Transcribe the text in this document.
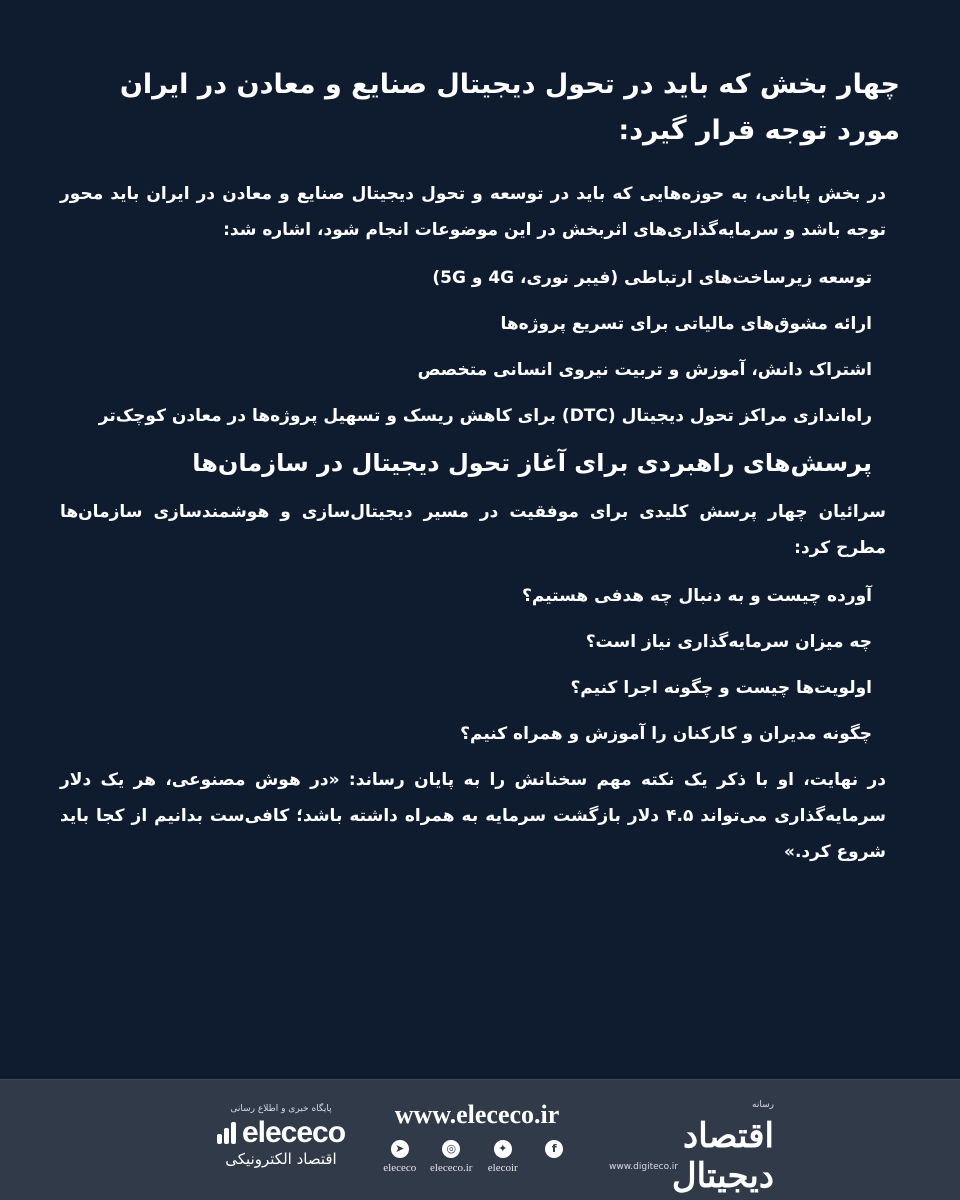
چهار بخش که باید در تحول دیجیتال صنایع و معادن در ایران مورد توجه قرار گیرد:

در بخش پایانی، به حوزه‌هایی که باید در توسعه و تحول دیجیتال صنایع و معادن در ایران باید محور توجه باشد و سرمایه‌گذاری‌های اثربخش در این موضوعات انجام شود، اشاره شد:

توسعه زیرساخت‌های ارتباطی (فیبر نوری، 4G و 5G)
ارائه مشوق‌های مالیاتی برای تسریع پروژه‌ها
اشتراک دانش، آموزش و تربیت نیروی انسانی متخصص
راه‌اندازی مراکز تحول دیجیتال (DTC) برای کاهش ریسک و تسهیل پروژه‌ها در معادن کوچک‌تر
پرسش‌های راهبردی برای آغاز تحول دیجیتال در سازمان‌ها

سرائیان چهار پرسش کلیدی برای موفقیت در مسیر دیجیتال‌سازی و هوشمندسازی سازمان‌ها مطرح کرد:

آورده چیست و به دنبال چه هدفی هستیم؟
چه میزان سرمایه‌گذاری نیاز است؟
اولویت‌ها چیست و چگونه اجرا کنیم؟
چگونه مدیران و کارکنان را آموزش و همراه کنیم؟

در نهایت، او با ذکر یک نکته مهم سخنانش را به پایان رساند: «در هوش مصنوعی، هر یک دلار سرمایه‌گذاری می‌تواند ۴.۵ دلار بازگشت سرمایه به همراه داشته باشد؛ کافی‌ست بدانیم از کجا باید شروع کرد.»

رسانه
اقتصاد دیجیتال
www.digiteco.ir
www.elececo.ir
➤
elececo
◎
elececo.ir
✦
elecoir
f
پایگاه خبری و اطلاع رسانی
elececo
اقتصاد الکترونیکی
